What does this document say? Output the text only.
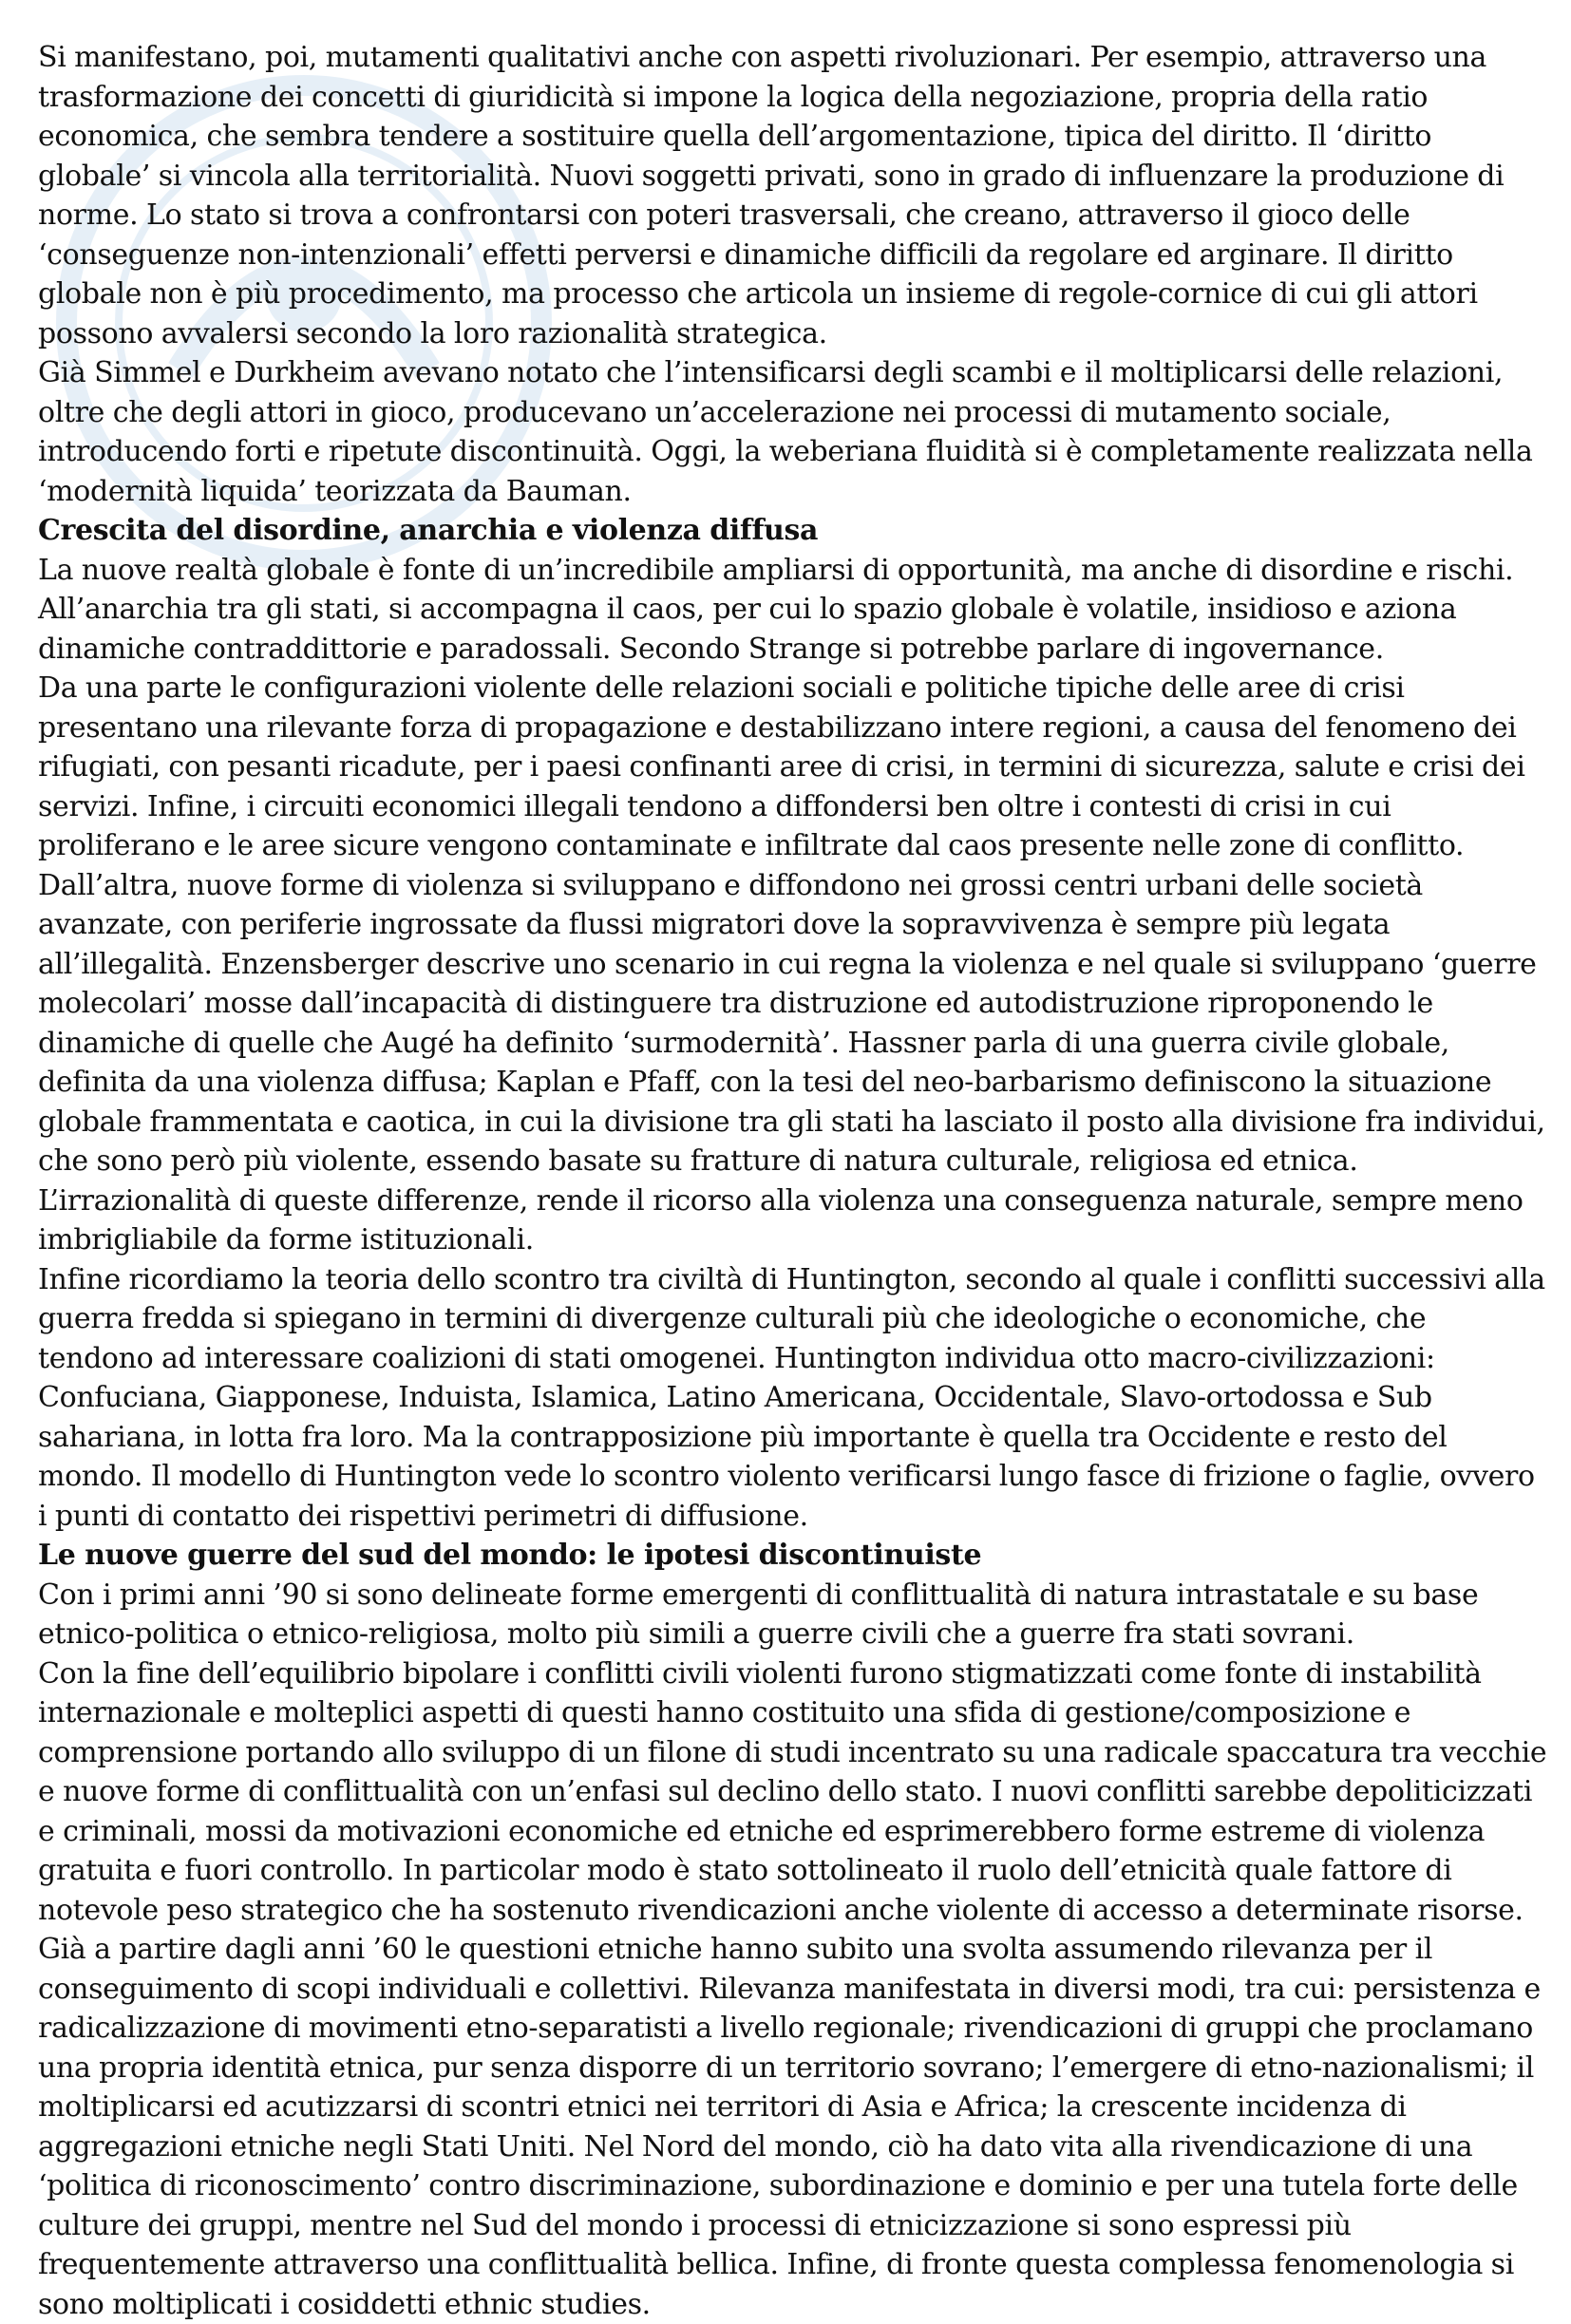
Si manifestano, poi, mutamenti qualitativi anche con aspetti rivoluzionari. Per esempio, attraverso una trasformazione dei concetti di giuridicità si impone la logica della negoziazione, propria della ratio economica, che sembra tendere a sostituire quella dell’argomentazione, tipica del diritto. Il ‘diritto globale’ si vincola alla territorialità. Nuovi soggetti privati, sono in grado di influenzare la produzione di norme. Lo stato si trova a confrontarsi con poteri trasversali, che creano, attraverso il gioco delle ‘conseguenze non-intenzionali’ effetti perversi e dinamiche difficili da regolare ed arginare. Il diritto globale non è più procedimento, ma processo che articola un insieme di regole-cornice di cui gli attori possono avvalersi secondo la loro razionalità strategica.

Già Simmel e Durkheim avevano notato che l’intensificarsi degli scambi e il moltiplicarsi delle relazioni, oltre che degli attori in gioco, producevano un’accelerazione nei processi di mutamento sociale, introducendo forti e ripetute discontinuità. Oggi, la weberiana fluidità si è completamente realizzata nella ‘modernità liquida’ teorizzata da Bauman.

Crescita del disordine, anarchia e violenza diffusa

La nuove realtà globale è fonte di un’incredibile ampliarsi di opportunità, ma anche di disordine e rischi.

All’anarchia tra gli stati, si accompagna il caos, per cui lo spazio globale è volatile, insidioso e aziona dinamiche contraddittorie e paradossali. Secondo Strange si potrebbe parlare di ingovernance.

Da una parte le configurazioni violente delle relazioni sociali e politiche tipiche delle aree di crisi presentano una rilevante forza di propagazione e destabilizzano intere regioni, a causa del fenomeno dei rifugiati, con pesanti ricadute, per i paesi confinanti aree di crisi, in termini di sicurezza, salute e crisi dei servizi. Infine, i circuiti economici illegali tendono a diffondersi ben oltre i contesti di crisi in cui proliferano e le aree sicure vengono contaminate e infiltrate dal caos presente nelle zone di conflitto.

Dall’altra, nuove forme di violenza si sviluppano e diffondono nei grossi centri urbani delle società avanzate, con periferie ingrossate da flussi migratori dove la sopravvivenza è sempre più legata all’illegalità. Enzensberger descrive uno scenario in cui regna la violenza e nel quale si sviluppano ‘guerre molecolari’ mosse dall’incapacità di distinguere tra distruzione ed autodistruzione riproponendo le dinamiche di quelle che Augé ha definito ‘surmodernità’. Hassner parla di una guerra civile globale, definita da una violenza diffusa; Kaplan e Pfaff, con la tesi del neo-barbarismo definiscono la situazione globale frammentata e caotica, in cui la divisione tra gli stati ha lasciato il posto alla divisione fra individui, che sono però più violente, essendo basate su fratture di natura culturale, religiosa ed etnica. L’irrazionalità di queste differenze, rende il ricorso alla violenza una conseguenza naturale, sempre meno imbrigliabile da forme istituzionali.

Infine ricordiamo la teoria dello scontro tra civiltà di Huntington, secondo al quale i conflitti successivi alla guerra fredda si spiegano in termini di divergenze culturali più che ideologiche o economiche, che tendono ad interessare coalizioni di stati omogenei. Huntington individua otto macro-civilizzazioni: Confuciana, Giapponese, Induista, Islamica, Latino Americana, Occidentale, Slavo-ortodossa e Sub sahariana, in lotta fra loro. Ma la contrapposizione più importante è quella tra Occidente e resto del mondo. Il modello di Huntington vede lo scontro violento verificarsi lungo fasce di frizione o faglie, ovvero i punti di contatto dei rispettivi perimetri di diffusione.

Le nuove guerre del sud del mondo: le ipotesi discontinuiste

Con i primi anni ’90 si sono delineate forme emergenti di conflittualità di natura intrastatale e su base etnico-politica o etnico-religiosa, molto più simili a guerre civili che a guerre fra stati sovrani.

Con la fine dell’equilibrio bipolare i conflitti civili violenti furono stigmatizzati come fonte di instabilità internazionale e molteplici aspetti di questi hanno costituito una sfida di gestione/composizione e comprensione portando allo sviluppo di un filone di studi incentrato su una radicale spaccatura tra vecchie e nuove forme di conflittualità con un’enfasi sul declino dello stato. I nuovi conflitti sarebbe depoliticizzati e criminali, mossi da motivazioni economiche ed etniche ed esprimerebbero forme estreme di violenza gratuita e fuori controllo. In particolar modo è stato sottolineato il ruolo dell’etnicità quale fattore di notevole peso strategico che ha sostenuto rivendicazioni anche violente di accesso a determinate risorse.

Già a partire dagli anni ’60 le questioni etniche hanno subito una svolta assumendo rilevanza per il conseguimento di scopi individuali e collettivi. Rilevanza manifestata in diversi modi, tra cui: persistenza e radicalizzazione di movimenti etno-separatisti a livello regionale; rivendicazioni di gruppi che proclamano una propria identità etnica, pur senza disporre di un territorio sovrano; l’emergere di etno-nazionalismi; il moltiplicarsi ed acutizzarsi di scontri etnici nei territori di Asia e Africa; la crescente incidenza di aggregazioni etniche negli Stati Uniti. Nel Nord del mondo, ciò ha dato vita alla rivendicazione di una ‘politica di riconoscimento’ contro discriminazione, subordinazione e dominio e per una tutela forte delle culture dei gruppi, mentre nel Sud del mondo i processi di etnicizzazione si sono espressi più frequentemente attraverso una conflittualità bellica. Infine, di fronte questa complessa fenomenologia si sono moltiplicati i cosiddetti ethnic studies.
